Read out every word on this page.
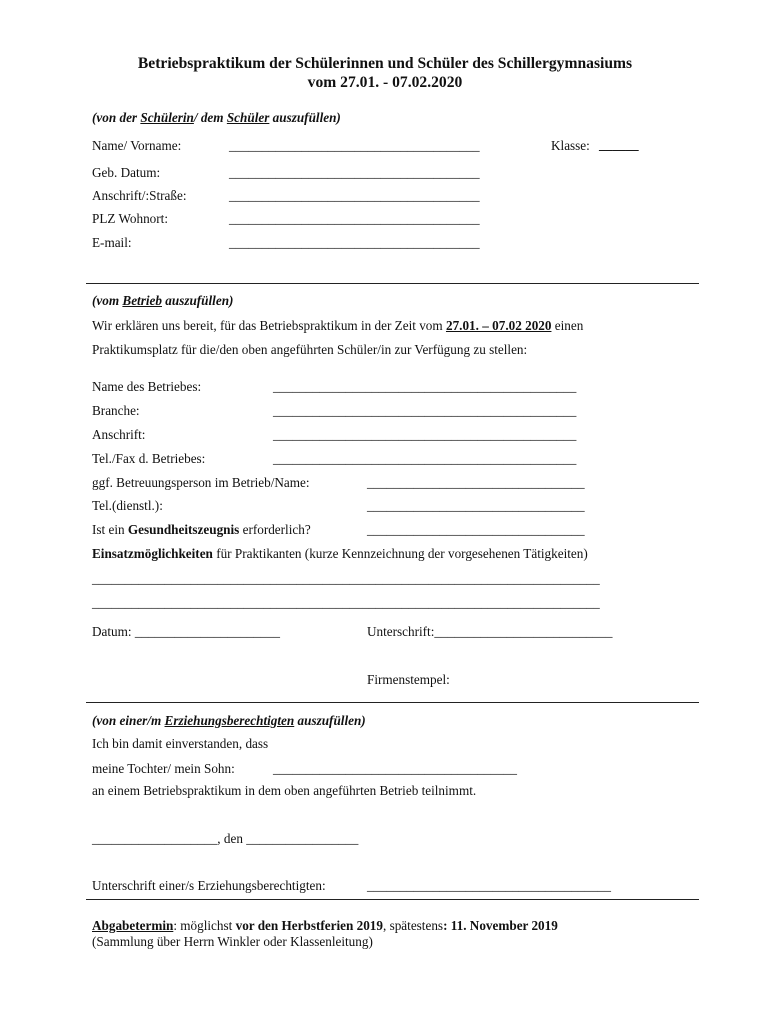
Betriebspraktikum der Schülerinnen und Schüler des Schillergymnasiums
vom 27.01. - 07.02.2020
(von der Schülerin/ dem Schüler auszufüllen)
Name/ Vorname:	______________________________________	Klasse: ______
Geb. Datum:	______________________________________
Anschrift/:Straße:	______________________________________
PLZ Wohnort:	______________________________________
E-mail:	______________________________________
(vom Betrieb auszufüllen)
Wir erklären uns bereit, für das Betriebspraktikum in der Zeit vom 27.01. – 07.02 2020 einen
Praktikumsplatz für die/den oben angeführten Schüler/in zur Verfügung zu stellen:
Name des Betriebes:	______________________________________________
Branche:	______________________________________________
Anschrift:	______________________________________________
Tel./Fax d. Betriebes:	______________________________________________
ggf. Betreuungsperson im Betrieb/Name:	_________________________________
Tel.(dienstl.):	_________________________________
Ist ein Gesundheitszeugnis erforderlich?	_________________________________
Einsatzmöglichkeiten für Praktikanten (kurze Kennzeichnung der vorgesehenen Tätigkeiten)
_____________________________________________________________________________
_____________________________________________________________________________
Datum: ______________________	Unterschrift:___________________________
Firmenstempel:
(von einer/m Erziehungsberechtigten auszufüllen)
Ich bin damit einverstanden, dass
meine Tochter/ mein Sohn:	_____________________________________
an einem Betriebspraktikum in dem oben angeführten Betrieb teilnimmt.
___________________, den _________________
Unterschrift einer/s Erziehungsberechtigten:	_____________________________________
Abgabetermin: möglichst vor den Herbstferien 2019, spätestens: 11. November 2019
(Sammlung über Herrn Winkler oder Klassenleitung)
